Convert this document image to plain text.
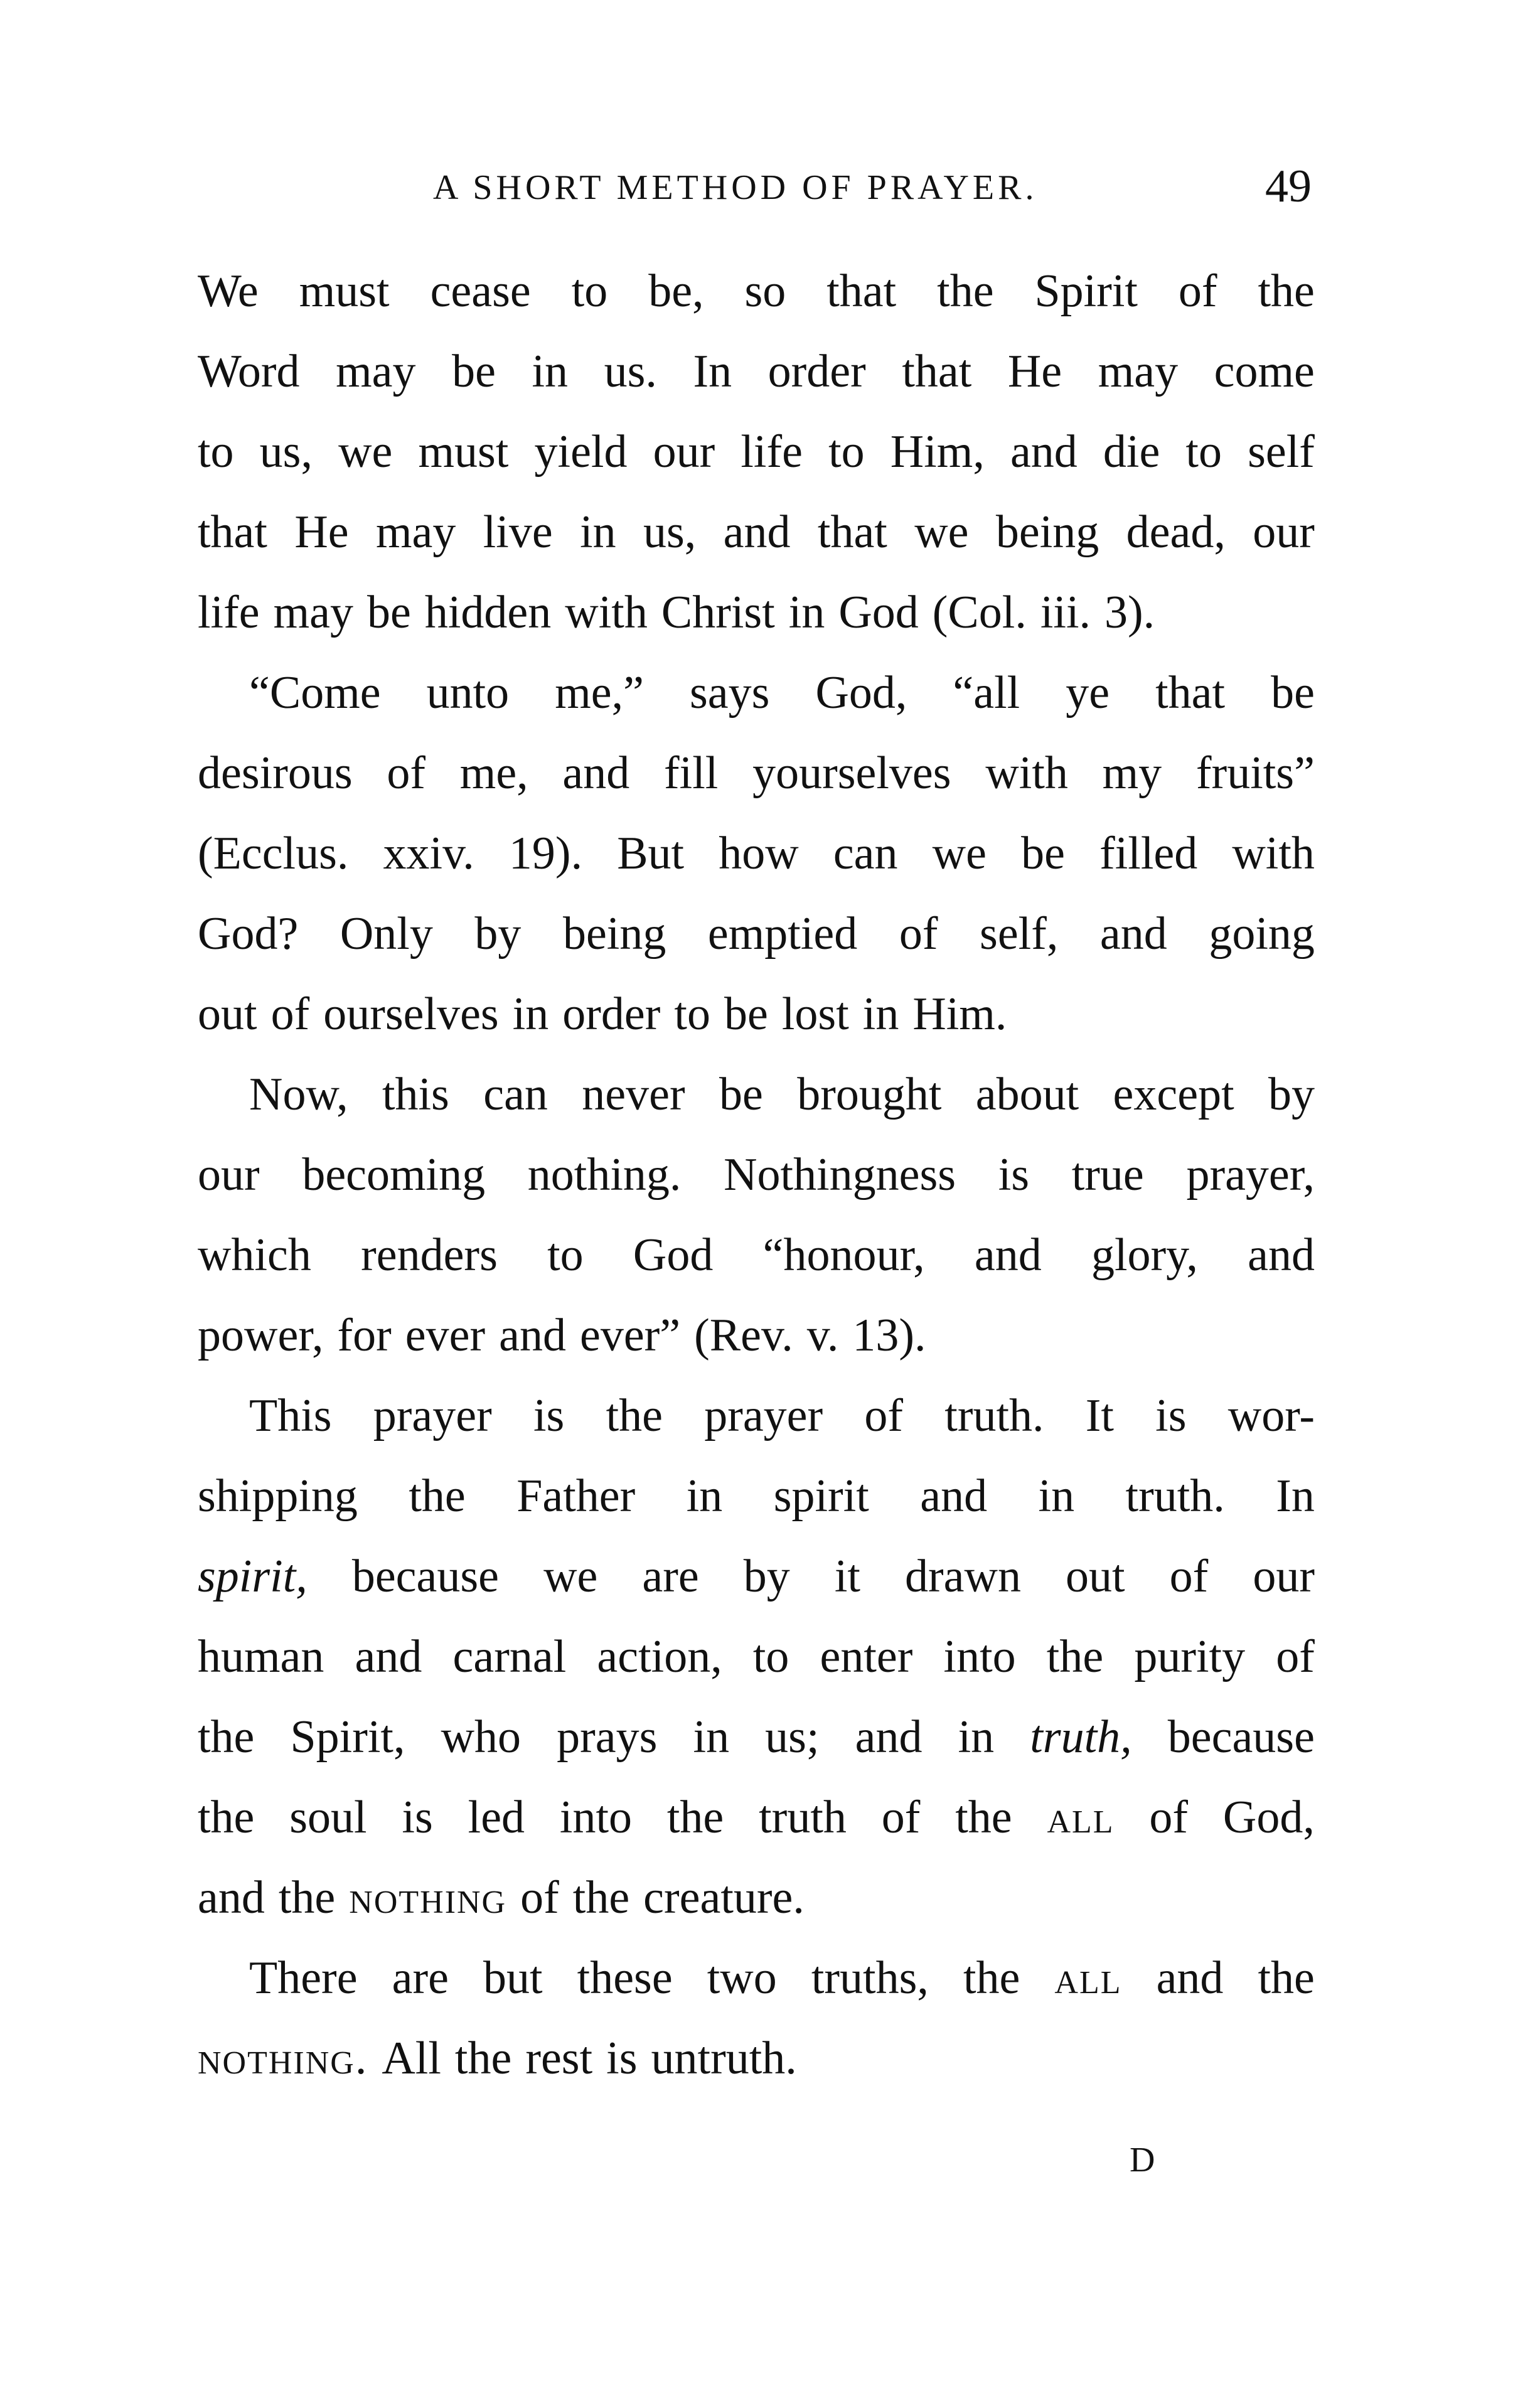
A SHORT METHOD OF PRAYER.	49
We must cease to be, so that the Spirit of the
Word may be in us. In order that He may come
to us, we must yield our life to Him, and die to self
that He may live in us, and that we being dead, our
life may be hidden with Christ in God (Col. iii. 3).
“Come unto me,” says God, “all ye that be
desirous of me, and fill yourselves with my fruits”
(Ecclus. xxiv. 19). But how can we be filled with
God? Only by being emptied of self, and going
out of ourselves in order to be lost in Him.
Now, this can never be brought about except by
our becoming nothing. Nothingness is true prayer,
which renders to God “honour, and glory, and
power, for ever and ever” (Rev. v. 13).
This prayer is the prayer of truth. It is wor-
shipping the Father in spirit and in truth. In
spirit, because we are by it drawn out of our
human and carnal action, to enter into the purity of
the Spirit, who prays in us; and in truth, because
the soul is led into the truth of the all of God,
and the nothing of the creature.
There are but these two truths, the all and the
nothing. All the rest is untruth.
D
